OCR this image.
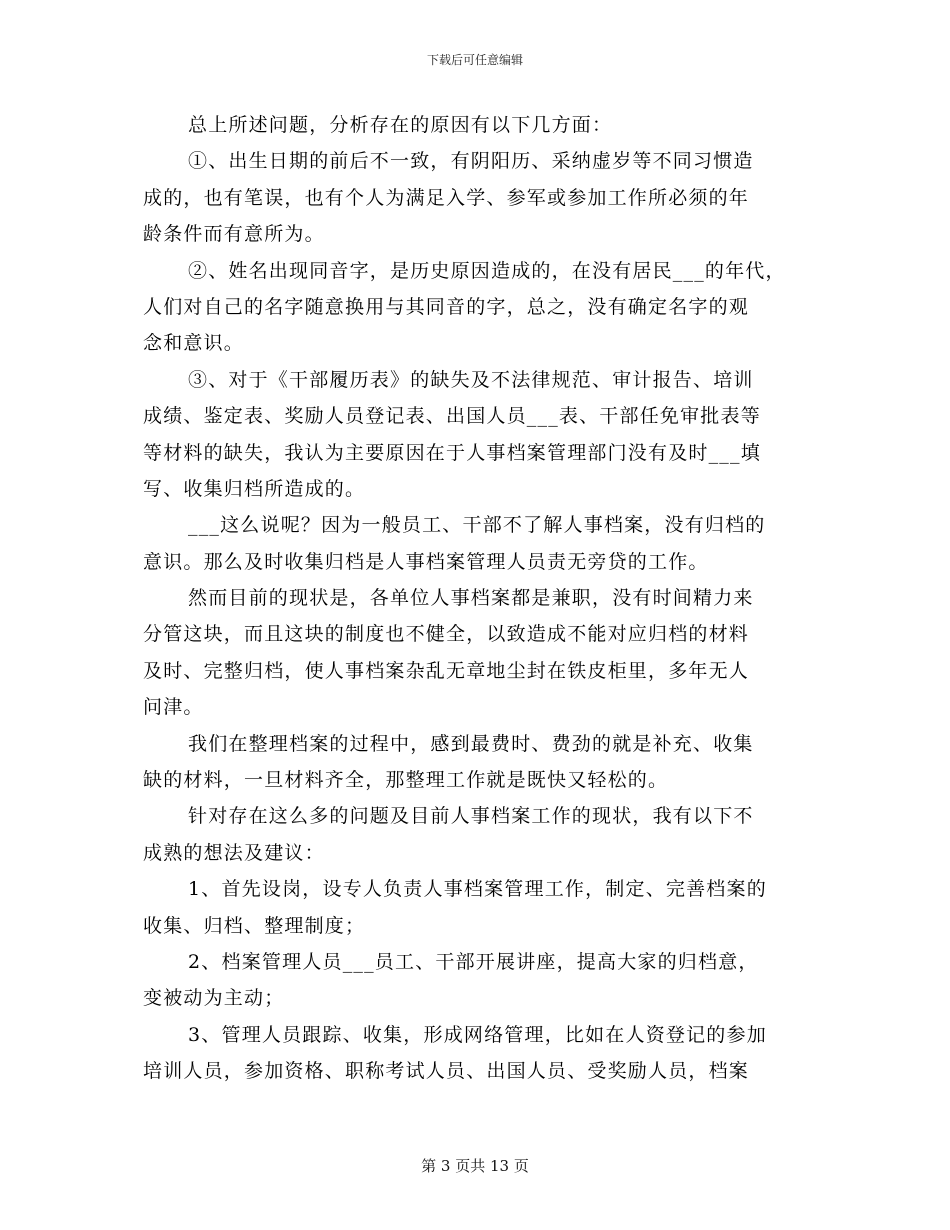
下载后可任意编辑
总上所述问题，分析存在的原因有以下几方面：
①、出生日期的前后不一致，有阴阳历、采纳虚岁等不同习惯造
成的，也有笔误，也有个人为满足入学、参军或参加工作所必须的年
龄条件而有意所为。
②、姓名出现同音字，是历史原因造成的，在没有居民___的年代，
人们对自己的名字随意换用与其同音的字，总之，没有确定名字的观
念和意识。
③、对于《干部履历表》的缺失及不法律规范、审计报告、培训
成绩、鉴定表、奖励人员登记表、出国人员___表、干部任免审批表等
等材料的缺失，我认为主要原因在于人事档案管理部门没有及时___填
写、收集归档所造成的。
___这么说呢？因为一般员工、干部不了解人事档案，没有归档的
意识。那么及时收集归档是人事档案管理人员责无旁贷的工作。
然而目前的现状是，各单位人事档案都是兼职，没有时间精力来
分管这块，而且这块的制度也不健全，以致造成不能对应归档的材料
及时、完整归档，使人事档案杂乱无章地尘封在铁皮柜里，多年无人
问津。
我们在整理档案的过程中，感到最费时、费劲的就是补充、收集
缺的材料，一旦材料齐全，那整理工作就是既快又轻松的。
针对存在这么多的问题及目前人事档案工作的现状，我有以下不
成熟的想法及建议：
1、首先设岗，设专人负责人事档案管理工作，制定、完善档案的
收集、归档、整理制度；
2、档案管理人员___员工、干部开展讲座，提高大家的归档意，
变被动为主动；
3、管理人员跟踪、收集，形成网络管理，比如在人资登记的参加
培训人员，参加资格、职称考试人员、出国人员、受奖励人员，档案
第 3 页共 13 页
